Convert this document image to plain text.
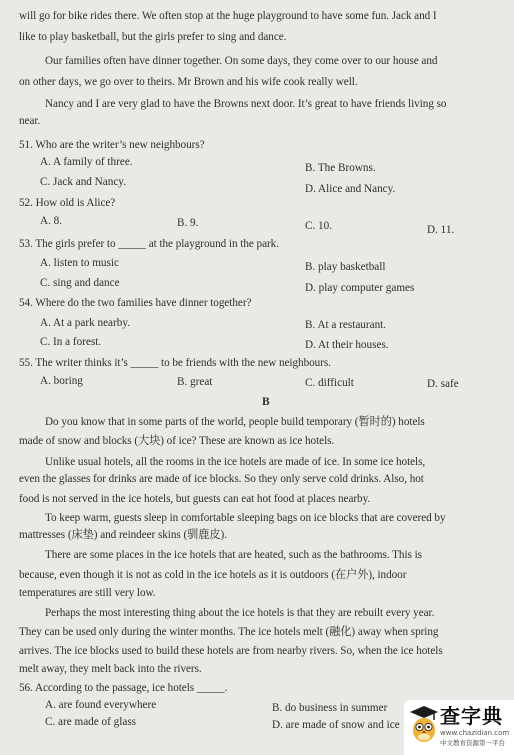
will go for bike rides there. We often stop at the huge playground to have some fun. Jack and I
like to play basketball, but the girls prefer to sing and dance.
Our families often have dinner together. On some days, they come over to our house and
on other days, we go over to theirs. Mr Brown and his wife cook really well.
Nancy and I are very glad to have the Browns next door. It’s great to have friends living so
near.
51. Who are the writer’s new neighbours?
A. A family of three.	B. The Browns.
C. Jack and Nancy.
D. Alice and Nancy.
52. How old is Alice?
A. 8.	B. 9.	C. 10.	D. 11.
53. The girls prefer to _____ at the playground in the park.
A. listen to music	B. play basketball
C. sing and dance	D. play computer games
54. Where do the two families have dinner together?
A. At a park nearby.	B. At a restaurant.
C. In a forest.	D. At their houses.
55. The writer thinks it’s _____ to be friends with the new neighbours.
A. boring	B. great	C. difficult	D. safe
B
Do you know that in some parts of the world, people build temporary (暂时的) hotels
made of snow and blocks (大块) of ice? These are known as ice hotels.
Unlike usual hotels, all the rooms in the ice hotels are made of ice. In some ice hotels,
even the glasses for drinks are made of ice blocks. So they only serve cold drinks. Also, hot
food is not served in the ice hotels, but guests can eat hot food at places nearby.
To keep warm, guests sleep in comfortable sleeping bags on ice blocks that are covered by
mattresses (床垫) and reindeer skins (驯鹿皮).
There are some places in the ice hotels that are heated, such as the bathrooms. This is
because, even though it is not as cold in the ice hotels as it is outdoors (在户外), indoor
temperatures are still very low.
Perhaps the most interesting thing about the ice hotels is that they are rebuilt every year.
They can be used only during the winter months. The ice hotels melt (融化) away when spring
arrives. The ice blocks used to build these hotels are from nearby rivers. So, when the ice hotels
melt away, they melt back into the rivers.
56. According to the passage, ice hotels _____.
A. are found everywhere	B. do business in summer
C. are made of glass	D. are made of snow and ice 查字典
www.chazidian.com
中文教育资源第一平台
